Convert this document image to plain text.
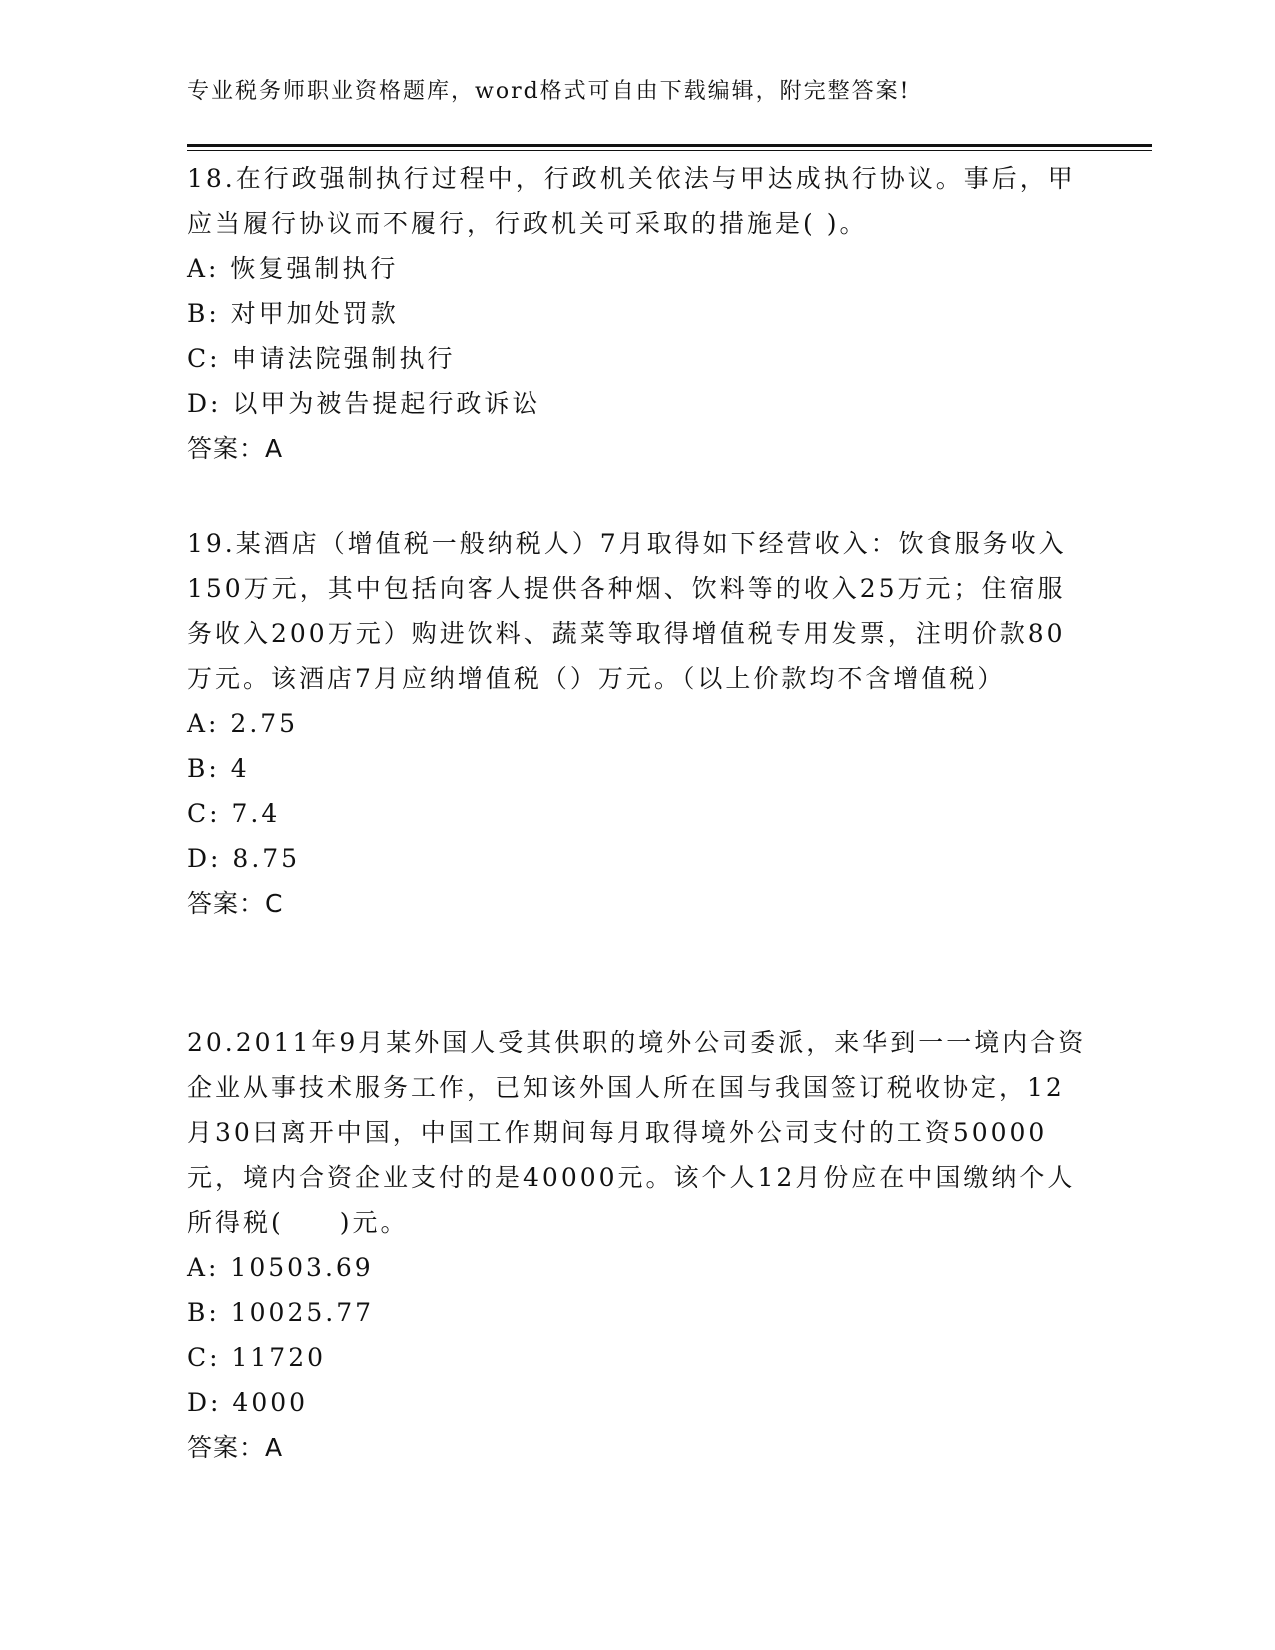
专业税务师职业资格题库，word格式可自由下载编辑，附完整答案!

18.在行政强制执行过程中，行政机关依法与甲达成执行协议。事后，甲应当履行协议而不履行，行政机关可采取的措施是( )。

A: 恢复强制执行

B: 对甲加处罚款

C: 申请法院强制执行

D: 以甲为被告提起行政诉讼

答案：A

19.某酒店（增值税一般纳税人）7月取得如下经营收入：饮食服务收入150万元，其中包括向客人提供各种烟、饮料等的收入25万元；住宿服务收入200万元）购进饮料、蔬菜等取得增值税专用发票，注明价款80万元。该酒店7月应纳增值税（）万元。（以上价款均不含增值税）

A: 2.75

B: 4

C: 7.4

D: 8.75

答案：C

20.2011年9月某外国人受其供职的境外公司委派，来华到一一境内合资企业从事技术服务工作，已知该外国人所在国与我国签订税收协定，12月30曰离开中国，中国工作期间每月取得境外公司支付的工资50000元，境内合资企业支付的是40000元。该个人12月份应在中国缴纳个人所得税(　　)元。

A: 10503.69

B: 10025.77

C: 11720

D: 4000

答案：A
